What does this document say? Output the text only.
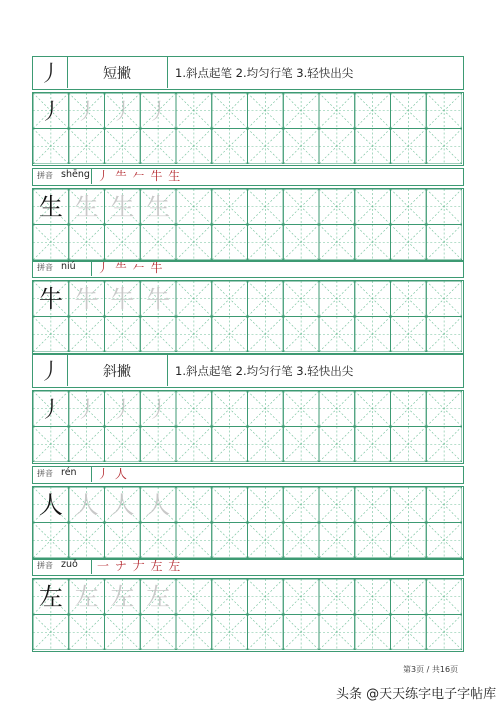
丿	短撇	1.斜点起笔 2.均匀行笔 3.轻快出尖
丿 丿 丿 丿
拼音 shēng 丿 ⺧ 𠂉 牛 生
生 生 生 生
拼音 niú 丿 ⺧ 𠂉 牛
牛 牛 牛 牛
丿	斜撇	1.斜点起笔 2.均匀行笔 3.轻快出尖
丿 丿 丿 丿
拼音 rén 丿 人
人 人 人 人
拼音 zuǒ 一 ナ 𠂇 左 左
左 左 左 左
第3页 / 共16页
头条 @天天练字电子字帖库
